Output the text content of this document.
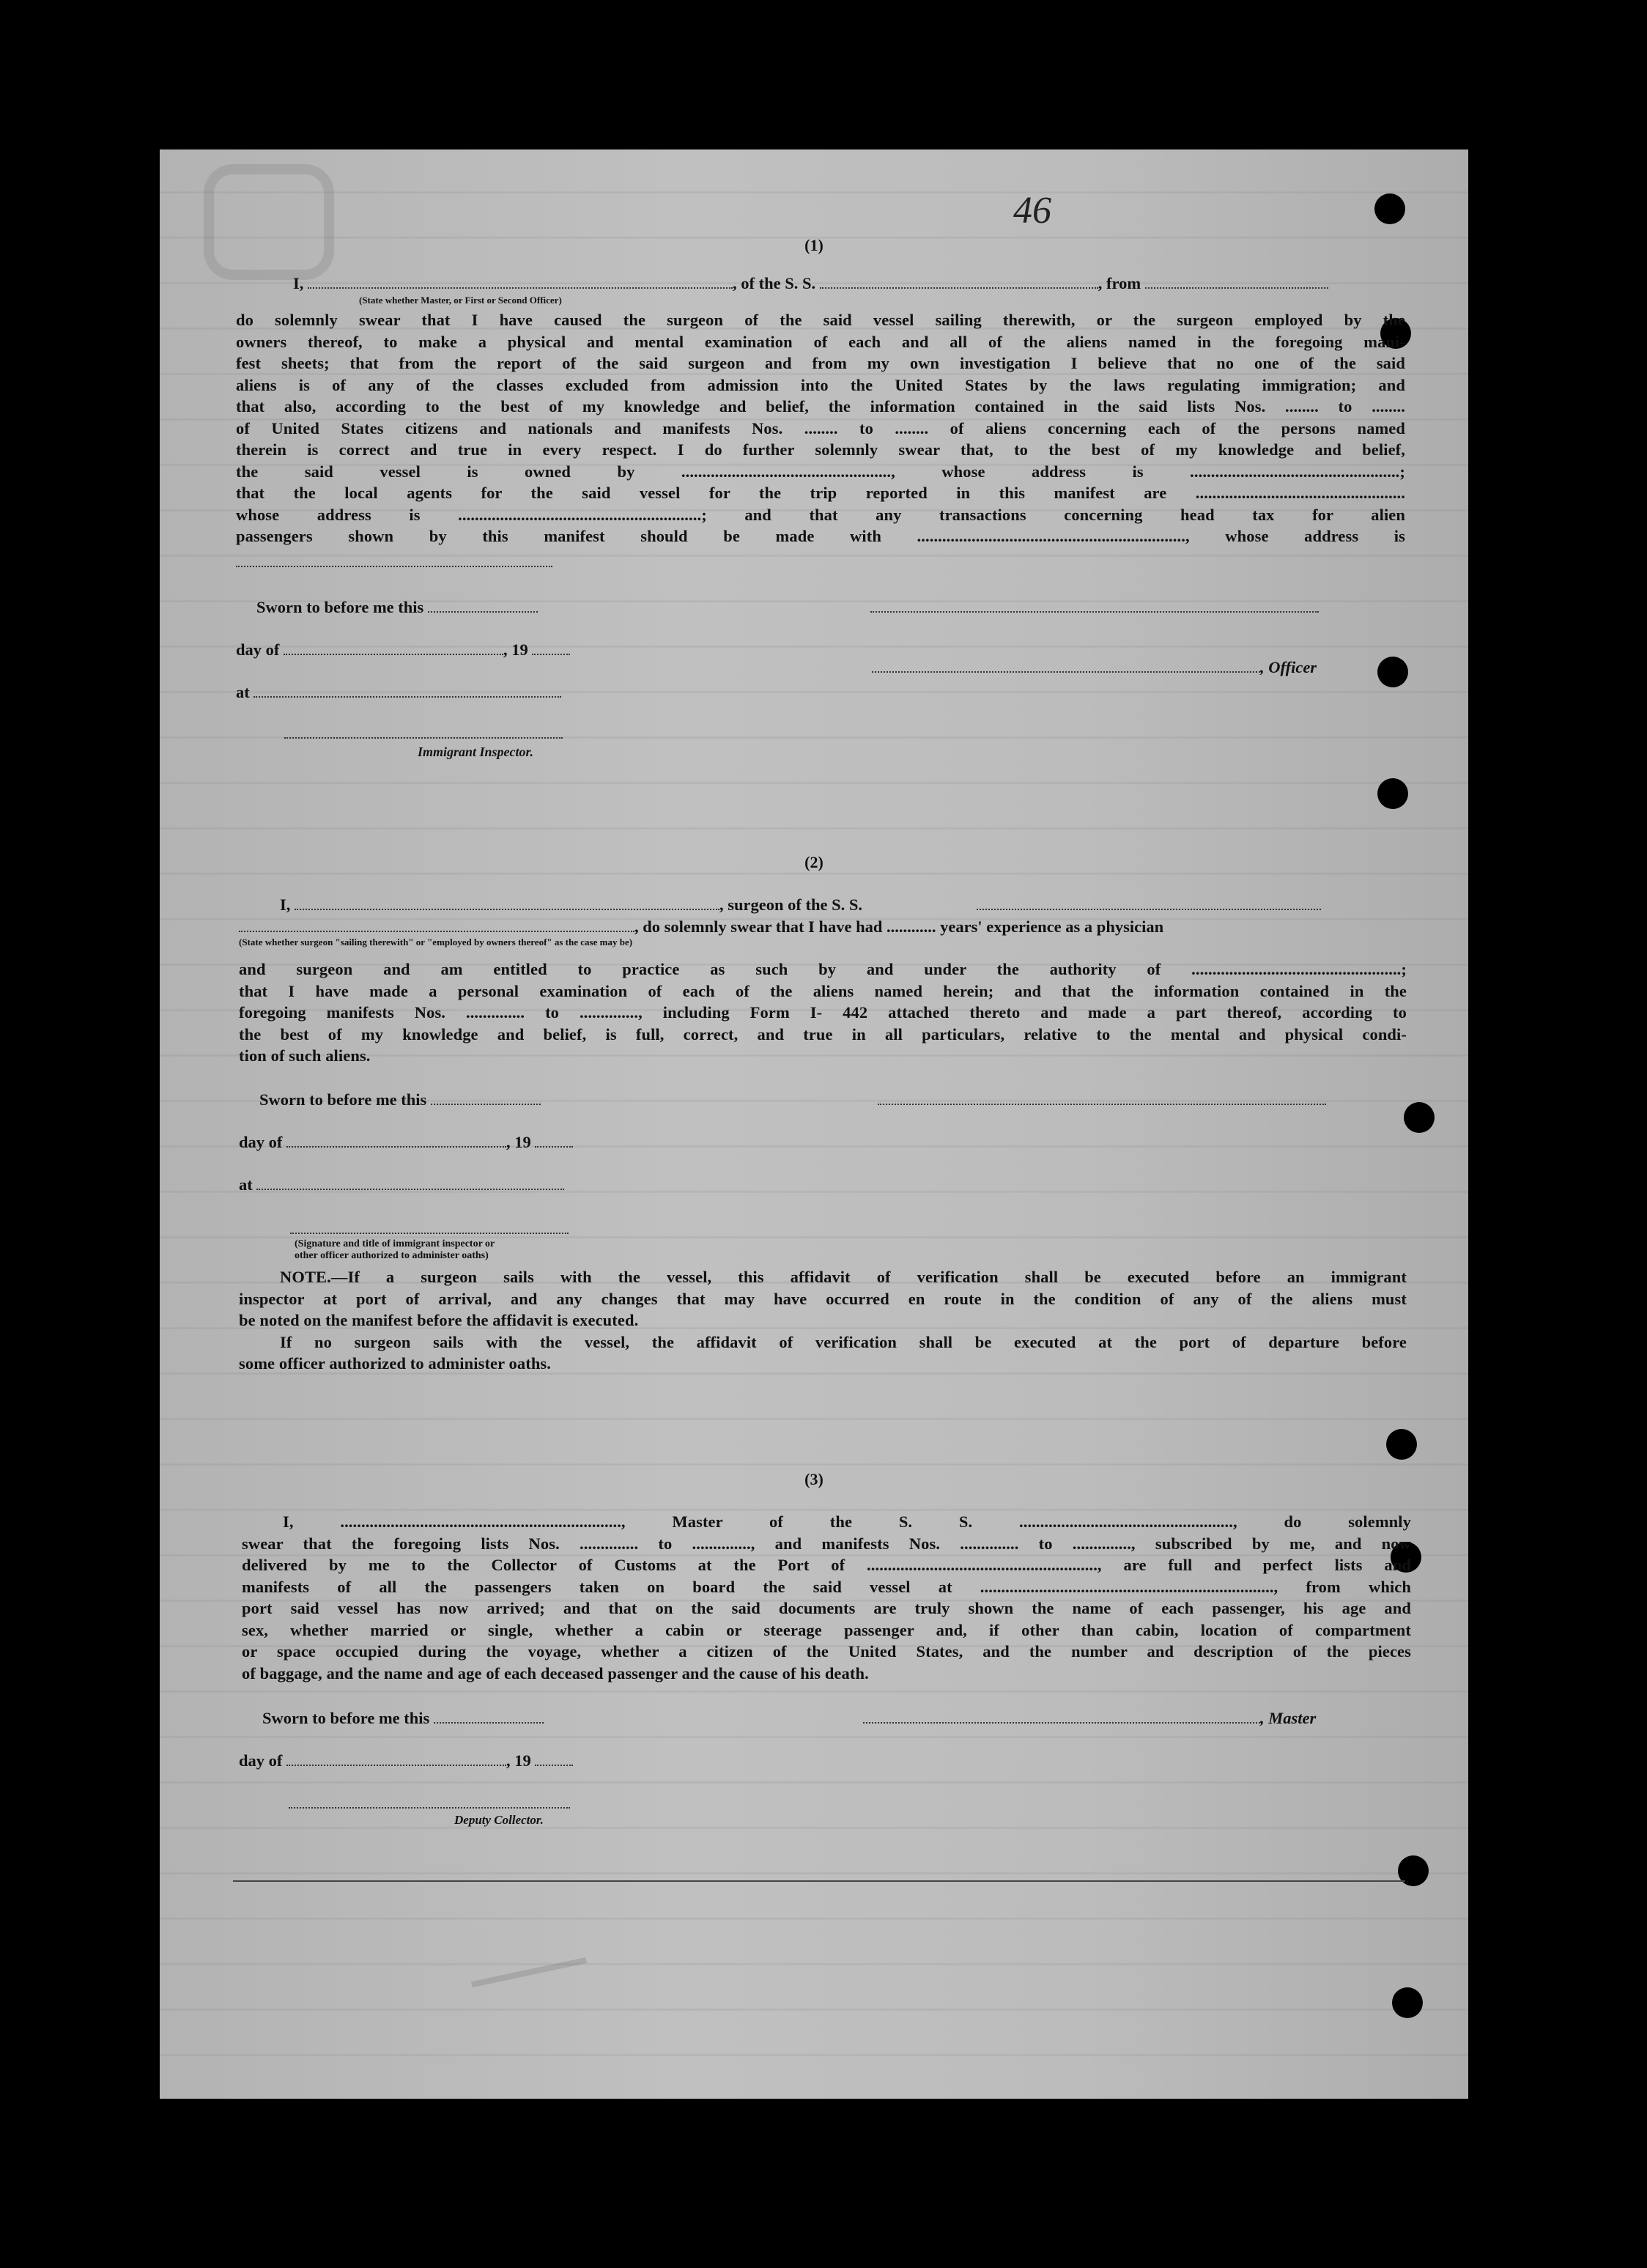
46
(1)
I,	, of the S. S.	, from
(State whether Master, or First or Second Officer)
do solemnly swear that I have caused the surgeon of the said vessel sailing therewith, or the surgeon employed by the
owners thereof, to make a physical and mental examination of each and all of the aliens named in the foregoing mani-
fest sheets; that from the report of the said surgeon and from my own investigation I believe that no one of the said
aliens is of any of the classes excluded from admission into the United States by the laws regulating immigration; and
that also, according to the best of my knowledge and belief, the information contained in the said lists Nos. ........ to ........
of United States citizens and nationals and manifests Nos. ........ to ........ of aliens concerning each of the persons named
therein is correct and true in every respect. I do further solemnly swear that, to the best of my knowledge and belief,
the said vessel is owned by .................................................., whose address is ..................................................;
that the local agents for the said vessel for the trip reported in this manifest are ..................................................
whose address is ..........................................................; and that any transactions concerning head tax for alien
passengers shown by this manifest should be made with ................................................................, whose address is
Sworn to before me this
day of	, 19
, Officer
at
Immigrant Inspector.
(2)
I,	, surgeon of the S. S.
, do solemnly swear that I have had ............ years' experience as a physician
(State whether surgeon "sailing therewith" or "employed by owners thereof" as the case may be)
and surgeon and am entitled to practice as such by and under the authority of ..................................................;
that I have made a personal examination of each of the aliens named herein; and that the information contained in the
foregoing manifests Nos. .............. to .............., including Form I- 442 attached thereto and made a part thereof, according to
the best of my knowledge and belief, is full, correct, and true in all particulars, relative to the mental and physical condi-
tion of such aliens.
Sworn to before me this
day of	, 19
at
(Signature and title of immigrant inspector or
other officer authorized to administer oaths)
NOTE.—If a surgeon sails with the vessel, this affidavit of verification shall be executed before an immigrant
inspector at port of arrival, and any changes that may have occurred en route in the condition of any of the aliens must
be noted on the manifest before the affidavit is executed.
If no surgeon sails with the vessel, the affidavit of verification shall be executed at the port of departure before
some officer authorized to administer oaths.
(3)
I, ..................................................................., Master of the S. S. ..................................................., do solemnly
swear that the foregoing lists Nos. .............. to .............., and manifests Nos. .............. to .............., subscribed by me, and now
delivered by me to the Collector of Customs at the Port of ......................................................., are full and perfect lists and
manifests of all the passengers taken on board the said vessel at ......................................................................, from which
port said vessel has now arrived; and that on the said documents are truly shown the name of each passenger, his age and
sex, whether married or single, whether a cabin or steerage passenger and, if other than cabin, location of compartment
or space occupied during the voyage, whether a citizen of the United States, and the number and description of the pieces
of baggage, and the name and age of each deceased passenger and the cause of his death.
Sworn to before me this	, Master
day of	, 19
Deputy Collector.
